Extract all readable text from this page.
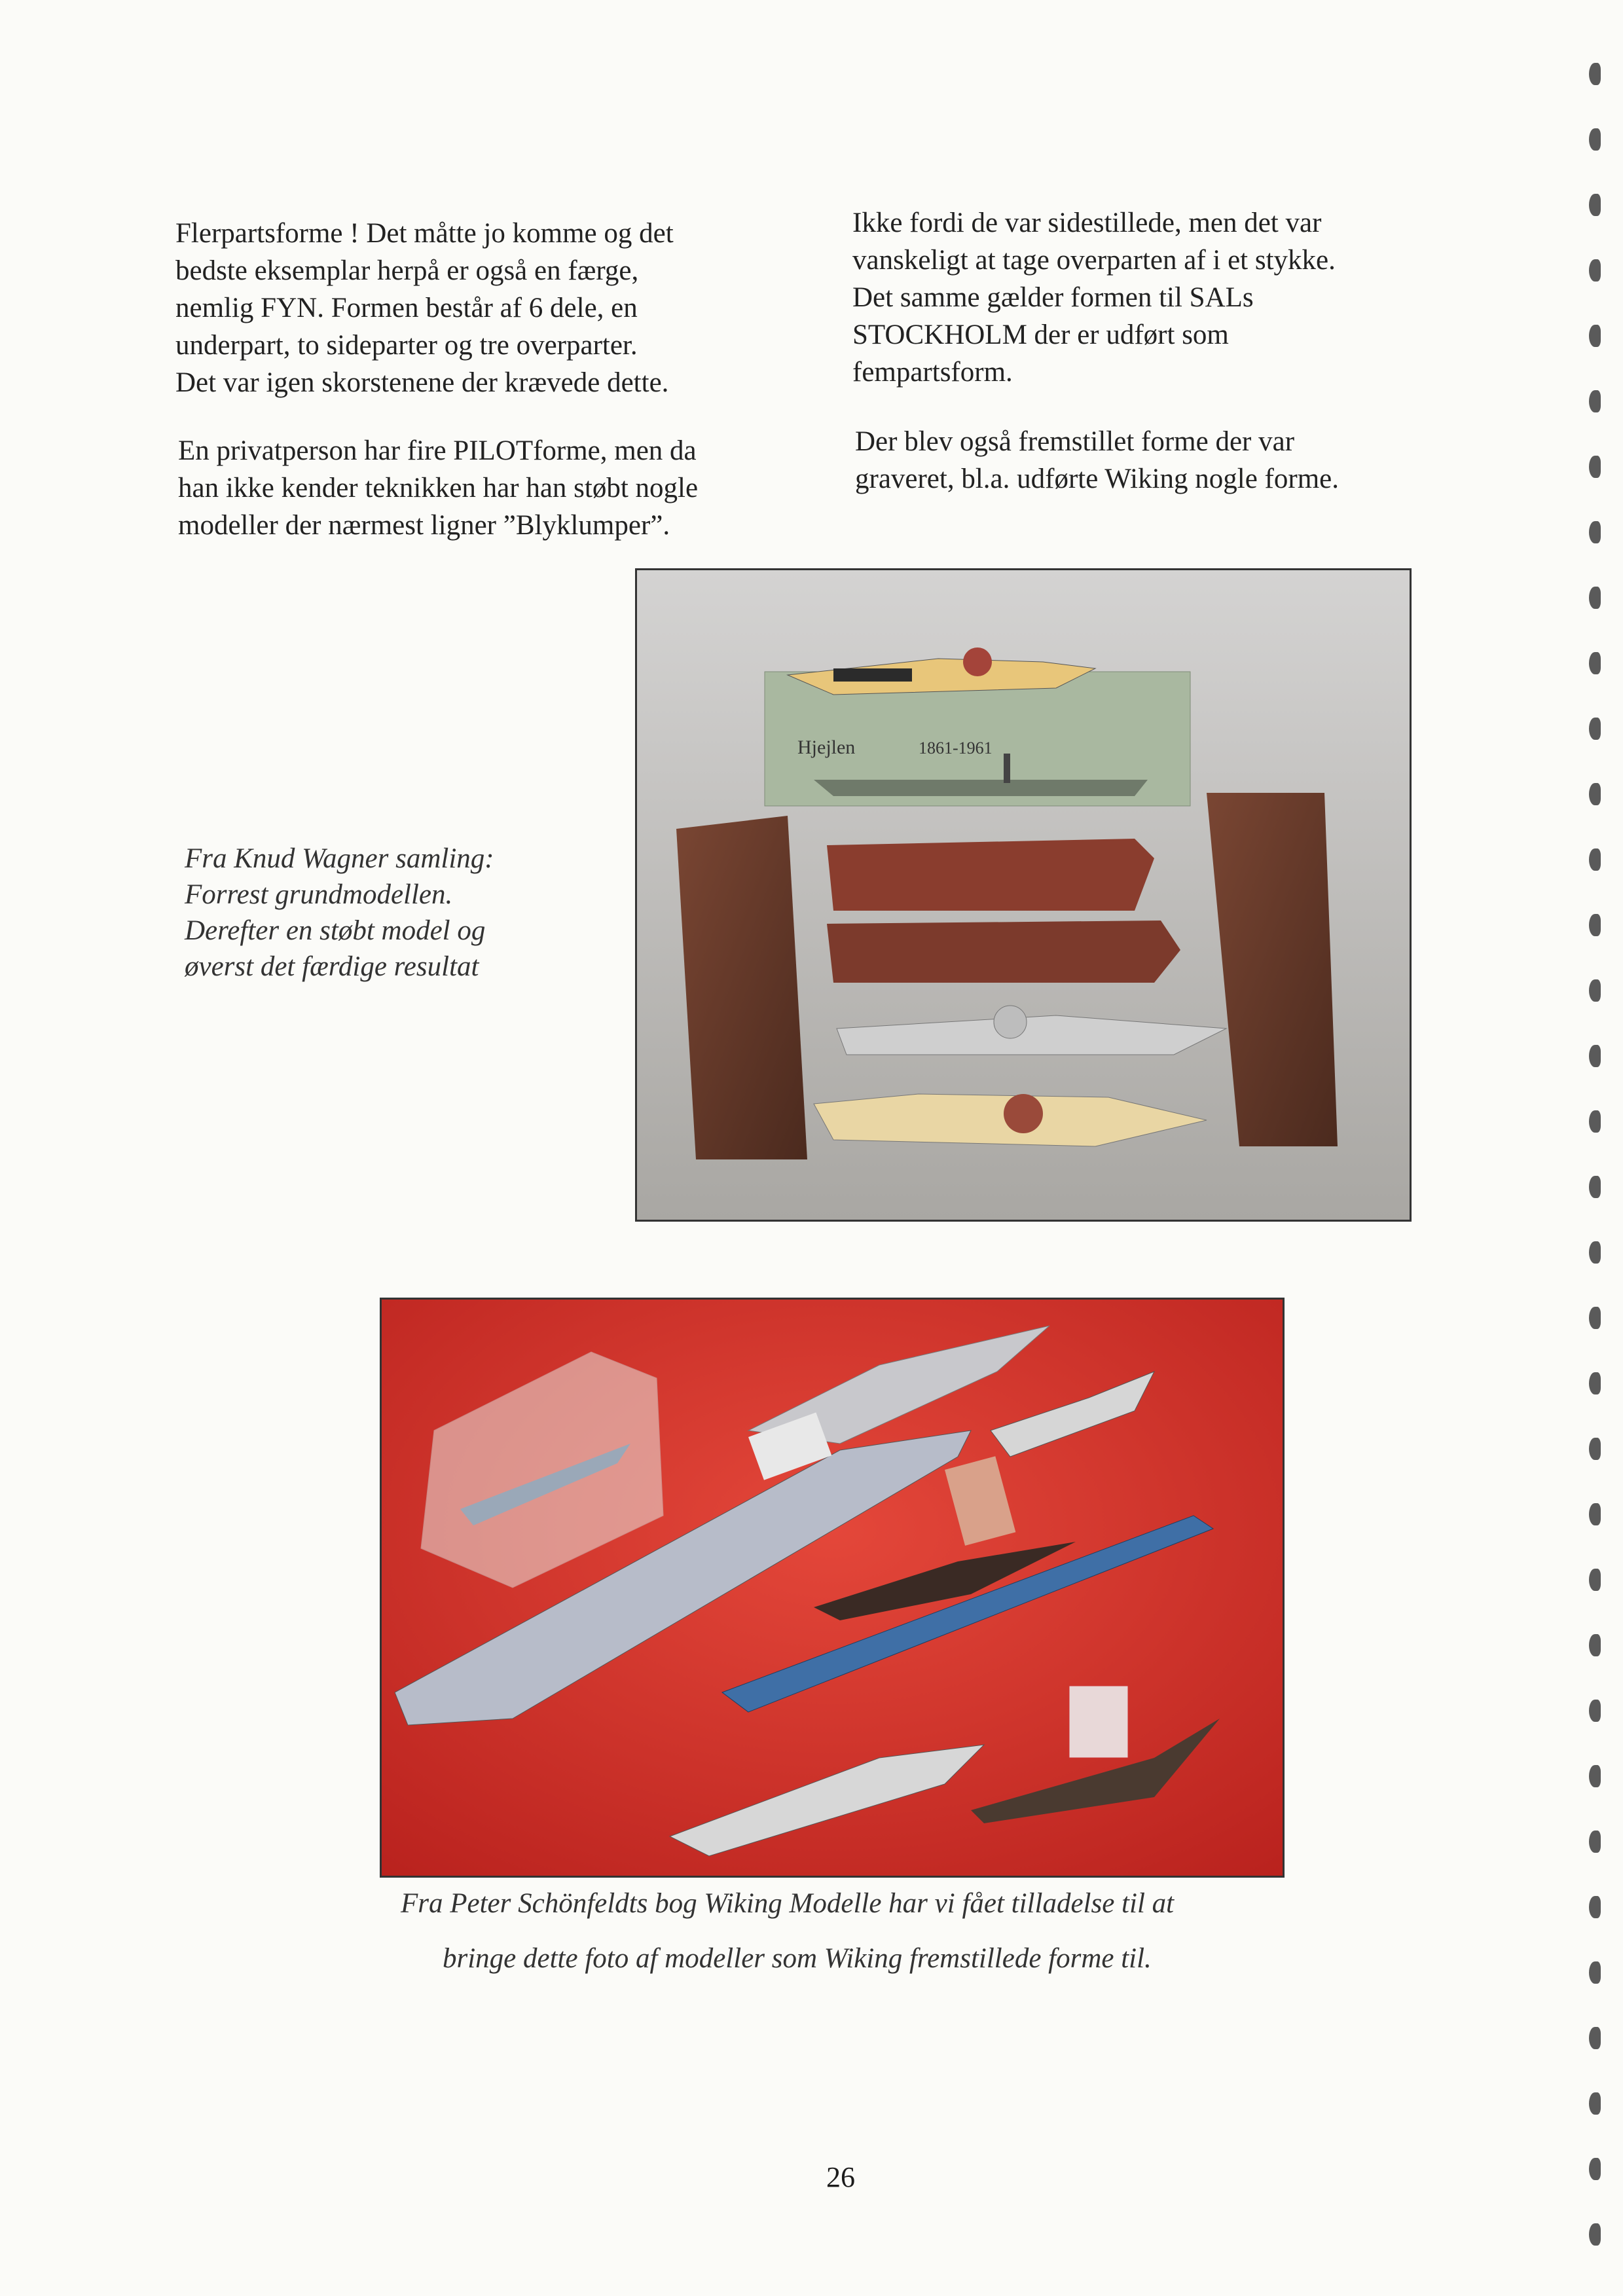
Flerpartsforme ! Det måtte jo komme og det
bedste eksemplar herpå er også en færge,
nemlig FYN. Formen består af 6 dele, en
underpart, to sideparter og tre overparter.
Det var igen skorstenene der krævede dette.
En privatperson har fire PILOTforme, men da
han ikke kender teknikken har han støbt nogle
modeller der nærmest ligner ”Blyklumper”.
Ikke fordi de var sidestillede, men det var
vanskeligt at tage overparten af i et stykke.
Det samme gælder formen til SALs
STOCKHOLM der er udført som
fempartsform.
Der blev også fremstillet forme der var
graveret, bl.a. udførte Wiking nogle forme.
Hjejlen	1861-1961
Fra Knud Wagner samling:
Forrest grundmodellen.
Derefter en støbt model og
øverst det færdige resultat
Fra Peter Schönfeldts bog Wiking Modelle har vi fået tilladelse til at
bringe dette foto af modeller som Wiking fremstillede forme til.
26
